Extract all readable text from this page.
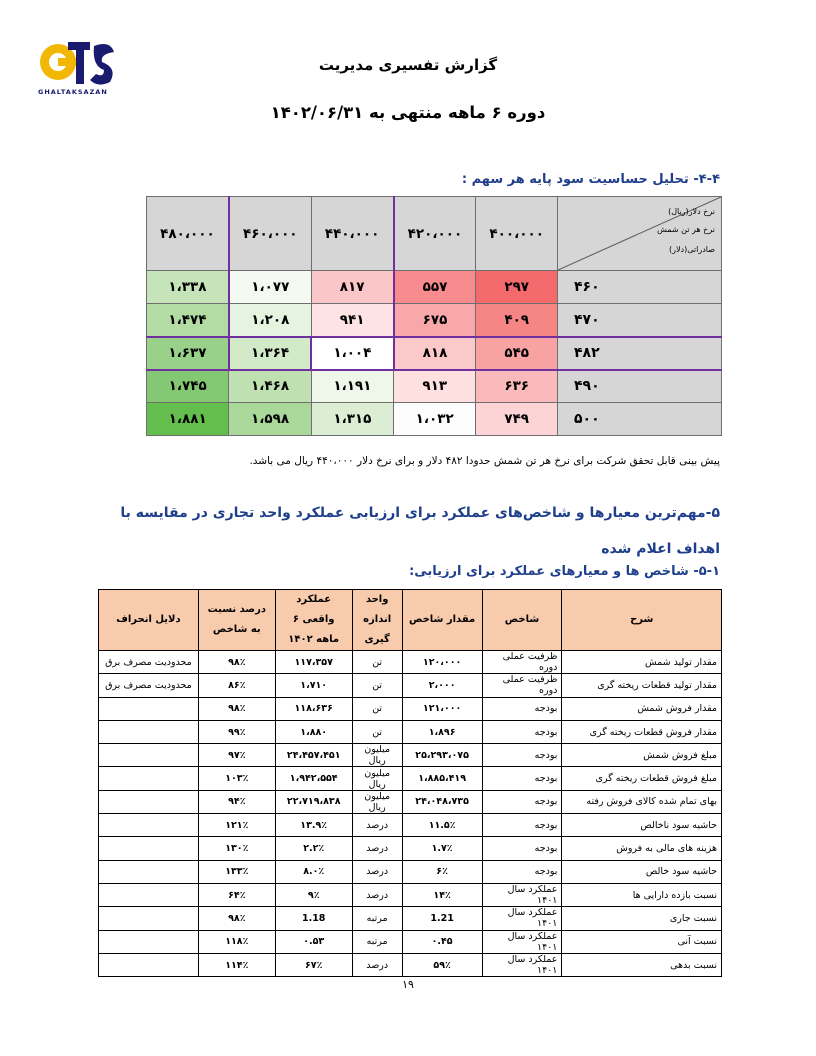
GHALTAKSAZAN
گزارش تفسیری مدیریت
دوره ۶ ماهه منتهی به ۱۴۰۲/۰۶/۳۱
۴-۴- تحلیل حساسیت سود پایه هر سهم :
نرخ دلار(ریال)
نرخ هر تن شمش
صادراتی(دلار)	۴۰۰،۰۰۰	۴۲۰،۰۰۰	۴۴۰،۰۰۰	۴۶۰،۰۰۰	۴۸۰،۰۰۰
۴۶۰	۲۹۷	۵۵۷	۸۱۷	۱،۰۷۷	۱،۳۳۸
۴۷۰	۴۰۹	۶۷۵	۹۴۱	۱،۲۰۸	۱،۴۷۴
۴۸۲	۵۴۵	۸۱۸	۱،۰۰۴	۱،۳۶۴	۱،۶۳۷
۴۹۰	۶۳۶	۹۱۳	۱،۱۹۱	۱،۴۶۸	۱،۷۴۵
۵۰۰	۷۴۹	۱،۰۳۲	۱،۳۱۵	۱،۵۹۸	۱،۸۸۱
پیش بینی قابل تحقق شرکت برای نرخ هر تن شمش حدودا ۴۸۲ دلار و برای نرخ دلار ۴۴۰،۰۰۰ ریال می باشد.
۵-مهم‌ترین معیارها و شاخص‌های عملکرد برای ارزیابی عملکرد واحد تجاری در مقایسه با اهداف اعلام شده
۵-۱- شاخص ها و معیارهای عملکرد برای ارزیابی:
شرح	شاخص	مقدار شاخص	واحد اندازه گیری	عملکرد واقعی ۶ ماهه ۱۴۰۲	درصد نسبت به شاخص	دلایل انحراف
مقدار تولید شمش	ظرفیت عملی دوره	۱۲۰،۰۰۰	تن	۱۱۷،۳۵۷	۹۸٪	محدودیت مصرف برق
مقدار تولید قطعات ریخته گری	ظرفیت عملی دوره	۲،۰۰۰	تن	۱،۷۱۰	۸۶٪	محدودیت مصرف برق
مقدار فروش شمش	بودجه	۱۲۱،۰۰۰	تن	۱۱۸،۶۳۶	۹۸٪	
مقدار فروش قطعات ریخته گری	بودجه	۱،۸۹۶	تن	۱،۸۸۰	۹۹٪	
مبلغ فروش شمش	بودجه	۲۵،۲۹۳،۰۷۵	میلیون ریال	۲۴،۴۵۷،۴۵۱	۹۷٪	
مبلغ فروش قطعات ریخته گری	بودجه	۱،۸۸۵،۴۱۹	میلیون ریال	۱،۹۴۲،۵۵۴	۱۰۳٪	
بهای تمام شده کالای فروش رفته	بودجه	۲۴،۰۴۸،۷۳۵	میلیون ریال	۲۲،۷۱۹،۸۳۸	۹۴٪	
حاشیه سود ناخالص	بودجه	۱۱.۵٪	درصد	۱۳.۹٪	۱۲۱٪	
هزینه های مالی به فروش	بودجه	۱.۷٪	درصد	۲.۲٪	۱۳۰٪	
حاشیه سود خالص	بودجه	۶٪	درصد	۸.۰٪	۱۳۳٪	
نسبت بازده دارایی ها	عملکرد سال ۱۴۰۱	۱۴٪	درصد	۹٪	۶۴٪	
نسبت جاری	عملکرد سال ۱۴۰۱	1.21	مرتبه	1.18	۹۸٪	
نسبت آنی	عملکرد سال ۱۴۰۱	۰.۴۵	مرتبه	۰.۵۳	۱۱۸٪	
نسبت بدهی	عملکرد سال ۱۴۰۱	۵۹٪	درصد	۶۷٪	۱۱۴٪	
۱۹
